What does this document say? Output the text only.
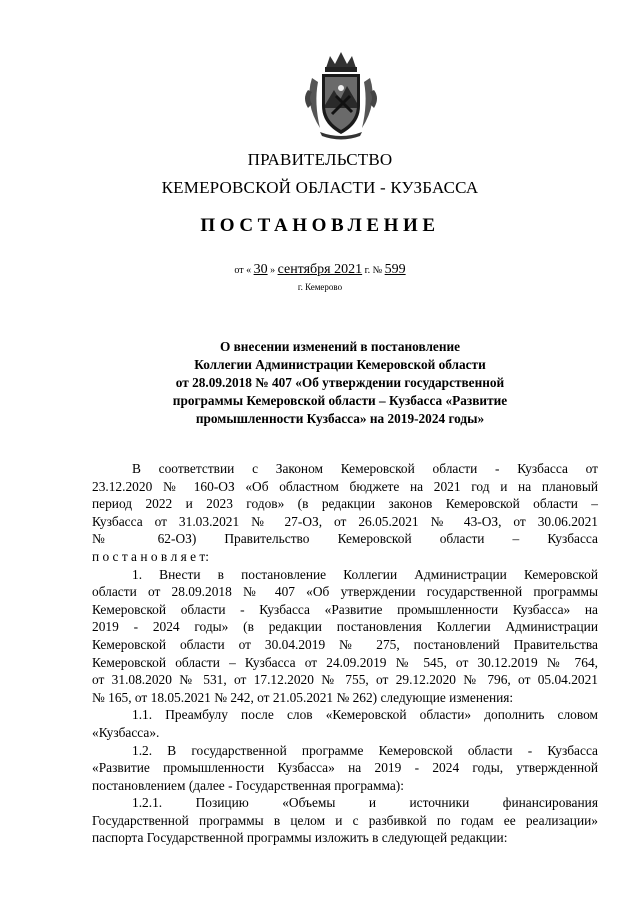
ПРАВИТЕЛЬСТВО
КЕМЕРОВСКОЙ ОБЛАСТИ - КУЗБАССА
ПОСТАНОВЛЕНИЕ
от « 30 » сентября 2021 г. № 599
г. Кемерово
О внесении изменений в постановление
Коллегии Администрации Кемеровской области
от 28.09.2018 № 407 «Об утверждении государственной
программы Кемеровской области – Кузбасса «Развитие
промышленности Кузбасса» на 2019-2024 годы»
В соответствии с Законом Кемеровской области - Кузбасса от
23.12.2020 № 160-ОЗ «Об областном бюджете на 2021 год и на плановый
период 2022 и 2023 годов» (в редакции законов Кемеровской области –
Кузбасса от 31.03.2021 № 27-ОЗ, от 26.05.2021 № 43-ОЗ, от 30.06.2021
№ 62-ОЗ) Правительство Кемеровской области – Кузбасса
п о с т а н о в л я е т:
1. Внести в постановление Коллегии Администрации Кемеровской
области от 28.09.2018 № 407 «Об утверждении государственной программы
Кемеровской области - Кузбасса «Развитие промышленности Кузбасса» на
2019 - 2024 годы» (в редакции постановления Коллегии Администрации
Кемеровской области от 30.04.2019 № 275, постановлений Правительства
Кемеровской области – Кузбасса от 24.09.2019 № 545, от 30.12.2019 № 764,
от 31.08.2020 № 531, от 17.12.2020 № 755, от 29.12.2020 № 796, от 05.04.2021
№ 165, от 18.05.2021 № 242, от 21.05.2021 № 262) следующие изменения:
1.1. Преамбулу после слов «Кемеровской области» дополнить словом
«Кузбасса».
1.2. В государственной программе Кемеровской области - Кузбасса
«Развитие промышленности Кузбасса» на 2019 - 2024 годы, утвержденной
постановлением (далее - Государственная программа):
1.2.1. Позицию «Объемы и источники финансирования
Государственной программы в целом и с разбивкой по годам ее реализации»
паспорта Государственной программы изложить в следующей редакции:
